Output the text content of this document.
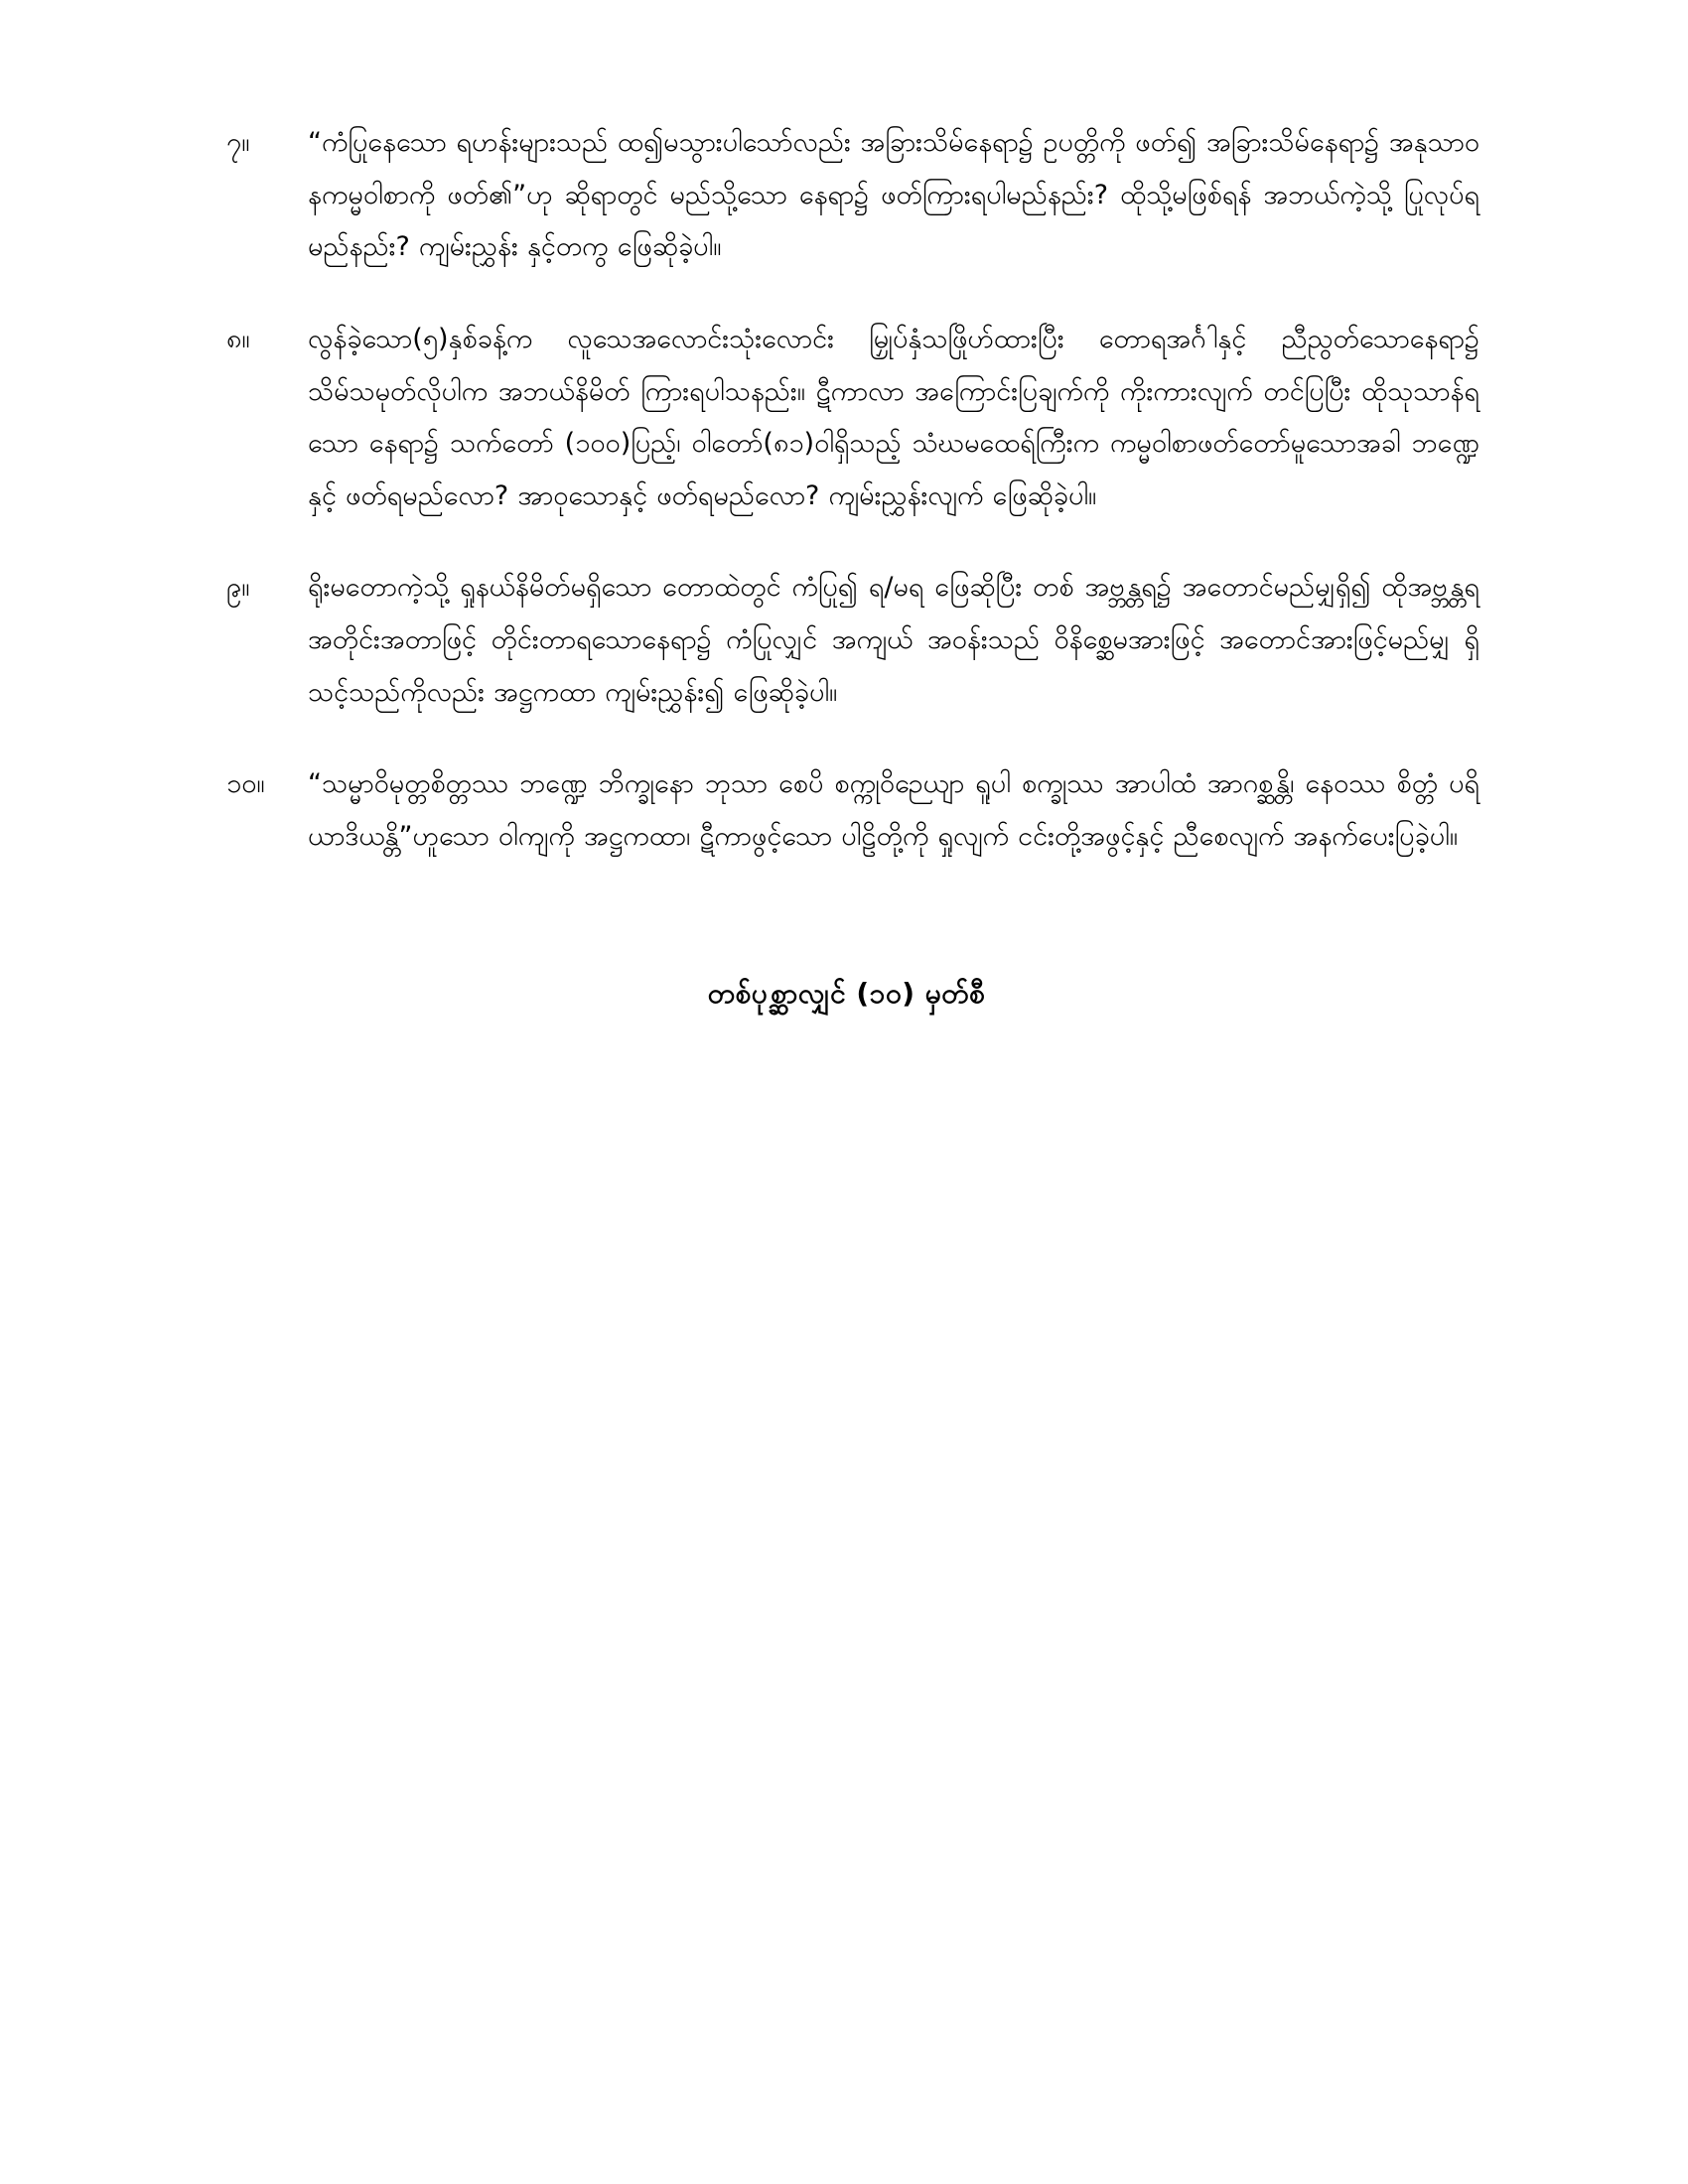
၇။	“ကံပြုနေသော ရဟန်းများသည် ထ၍မသွားပါသော်လည်း အခြားသိမ်နေရာ၌ ဥပတ္တိကို ဖတ်၍ အခြားသိမ်နေရာ၌ အနုသာဝနကမ္မဝါစာကို ဖတ်၏”ဟု ဆိုရာတွင် မည်သို့သော နေရာ၌ ဖတ်ကြားရပါမည်နည်း? ထိုသို့မဖြစ်ရန် အဘယ်ကဲ့သို့ ပြုလုပ်ရမည်နည်း? ကျမ်းညွှန်း နှင့်တကွ ဖြေဆိုခဲ့ပါ။
၈။	လွန်ခဲ့သော(၅)နှစ်ခန့်က လူသေအလောင်းသုံးလောင်း မြှုပ်နှံသဖြိုဟ်ထားပြီး တောရအင်္ဂါနှင့် ညီညွတ်သောနေရာ၌ သိမ်သမုတ်လိုပါက အဘယ်နိမိတ် ကြားရပါသနည်း။ ဋီကာလာ အကြောင်းပြချက်ကို ကိုးကားလျက် တင်ပြပြီး ထိုသုသာန်ရသော နေရာ၌ သက်တော် (၁၀၀)ပြည့်၊ ဝါတော်(၈၁)ဝါရှိသည့် သံဃမထေရ်ကြီးက ကမ္မဝါစာဖတ်တော်မူသောအခါ ဘဏ္ဍေနှင့် ဖတ်ရမည်လော? အာဝုသောနှင့် ဖတ်ရမည်လော? ကျမ်းညွှန်းလျက် ဖြေဆိုခဲ့ပါ။
၉။	ရိုးမတောကဲ့သို့ ရှုနယ်နိမိတ်မရှိသော တောထဲတွင် ကံပြု၍ ရ/မရ ဖြေဆိုပြီး တစ် အဗ္ဘန္တရ၌ အတောင်မည်မျှရှိ၍ ထိုအဗ္ဘန္တရအတိုင်းအတာဖြင့် တိုင်းတာရသောနေရာ၌ ကံပြုလျှင် အကျယ် အဝန်းသည် ဝိနိစ္ဆေမအားဖြင့် အတောင်အားဖြင့်မည်မျှ ရှိသင့်သည်ကိုလည်း အဋ္ဌကထာ ကျမ်းညွှန်း၍ ဖြေဆိုခဲ့ပါ။
၁၀။	“သမ္မာဝိမုတ္တစိတ္တဿ ဘဏ္ဍေ ဘိက္ခုနော ဘုသာ စေပိ စက္ကုဝိဉေယျာ ရူပါ စက္ခုဿ အာပါထံ အာဂစ္ဆန္တိ၊ နေဝဿ စိတ္တံ ပရိယာဒိယန္တိ”ဟူသော ဝါကျကို အဋ္ဌကထာ၊ ဋီကာဖွင့်သော ပါဠိတို့ကို ရှုလျက် ငင်းတို့အဖွင့်နှင့် ညီစေလျက် အနက်ပေးပြခဲ့ပါ။
တစ်ပုစ္ဆာလျှင် (၁၀) မှတ်စီ
